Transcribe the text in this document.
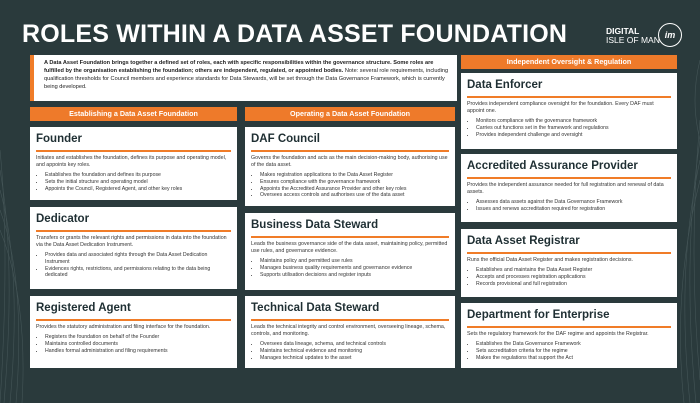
ROLES WITHIN A DATA ASSET FOUNDATION	DIGITAL
ISLE OF MAN im
A Data Asset Foundation brings together a defined set of roles, each with specific responsibilities within the governance structure. Some roles are fulfilled by the organisation establishing the foundation; others are independent, regulated, or appointed bodies. Note: several role requirements, including qualification thresholds for Council members and experience standards for Data Stewards, will be set through the Data Governance Framework, which is currently being developed.
Establishing a Data Asset Foundation	Operating a Data Asset Foundation
Independent Oversight & Regulation
Founder

Initiates and establishes the foundation, defines its purpose and operating model, and appoints key roles.

• Establishes the foundation and defines its purpose
• Sets the initial structure and operating model
• Appoints the Council, Registered Agent, and other key roles
Dedicator

Transfers or grants the relevant rights and permissions in data into the foundation via the Data Asset Dedication Instrument.

• Provides data and associated rights through the Data Asset Dedication Instrument
• Evidences rights, restrictions, and permissions relating to the data being dedicated
Registered Agent

Provides the statutory administration and filing interface for the foundation.

• Registers the foundation on behalf of the Founder
• Maintains controlled documents
• Handles formal administration and filing requirements
DAF Council

Governs the foundation and acts as the main decision-making body, authorising use of the data asset.

• Makes registration applications to the Data Asset Register
• Ensures compliance with the governance framework
• Appoints the Accredited Assurance Provider and other key roles
• Oversees access controls and authorises use of the data asset
Business Data Steward

Leads the business governance side of the data asset, maintaining policy, permitted use rules, and governance evidence.

• Maintains policy and permitted use rules
• Manages business quality requirements and governance evidence
• Supports utilisation decisions and register inputs
Technical Data Steward

Leads the technical integrity and control environment, overseeing lineage, schema, controls, and monitoring.

• Oversees data lineage, schema, and technical controls
• Maintains technical evidence and monitoring
• Manages technical updates to the asset
Data Enforcer

Provides independent compliance oversight for the foundation. Every DAF must appoint one.

• Monitors compliance with the governance framework
• Carries out functions set in the framework and regulations
• Provides independent challenge and oversight
Accredited Assurance Provider

Provides the independent assurance needed for full registration and renewal of data assets.

• Assesses data assets against the Data Governance Framework
• Issues and renews accreditation required for registration
Data Asset Registrar

Runs the official Data Asset Register and makes registration decisions.

• Establishes and maintains the Data Asset Register
• Accepts and processes registration applications
• Records provisional and full registration
Department for Enterprise

Sets the regulatory framework for the DAF regime and appoints the Registrar.

• Establishes the Data Governance Framework
• Sets accreditation criteria for the regime
• Makes the regulations that support the Act
